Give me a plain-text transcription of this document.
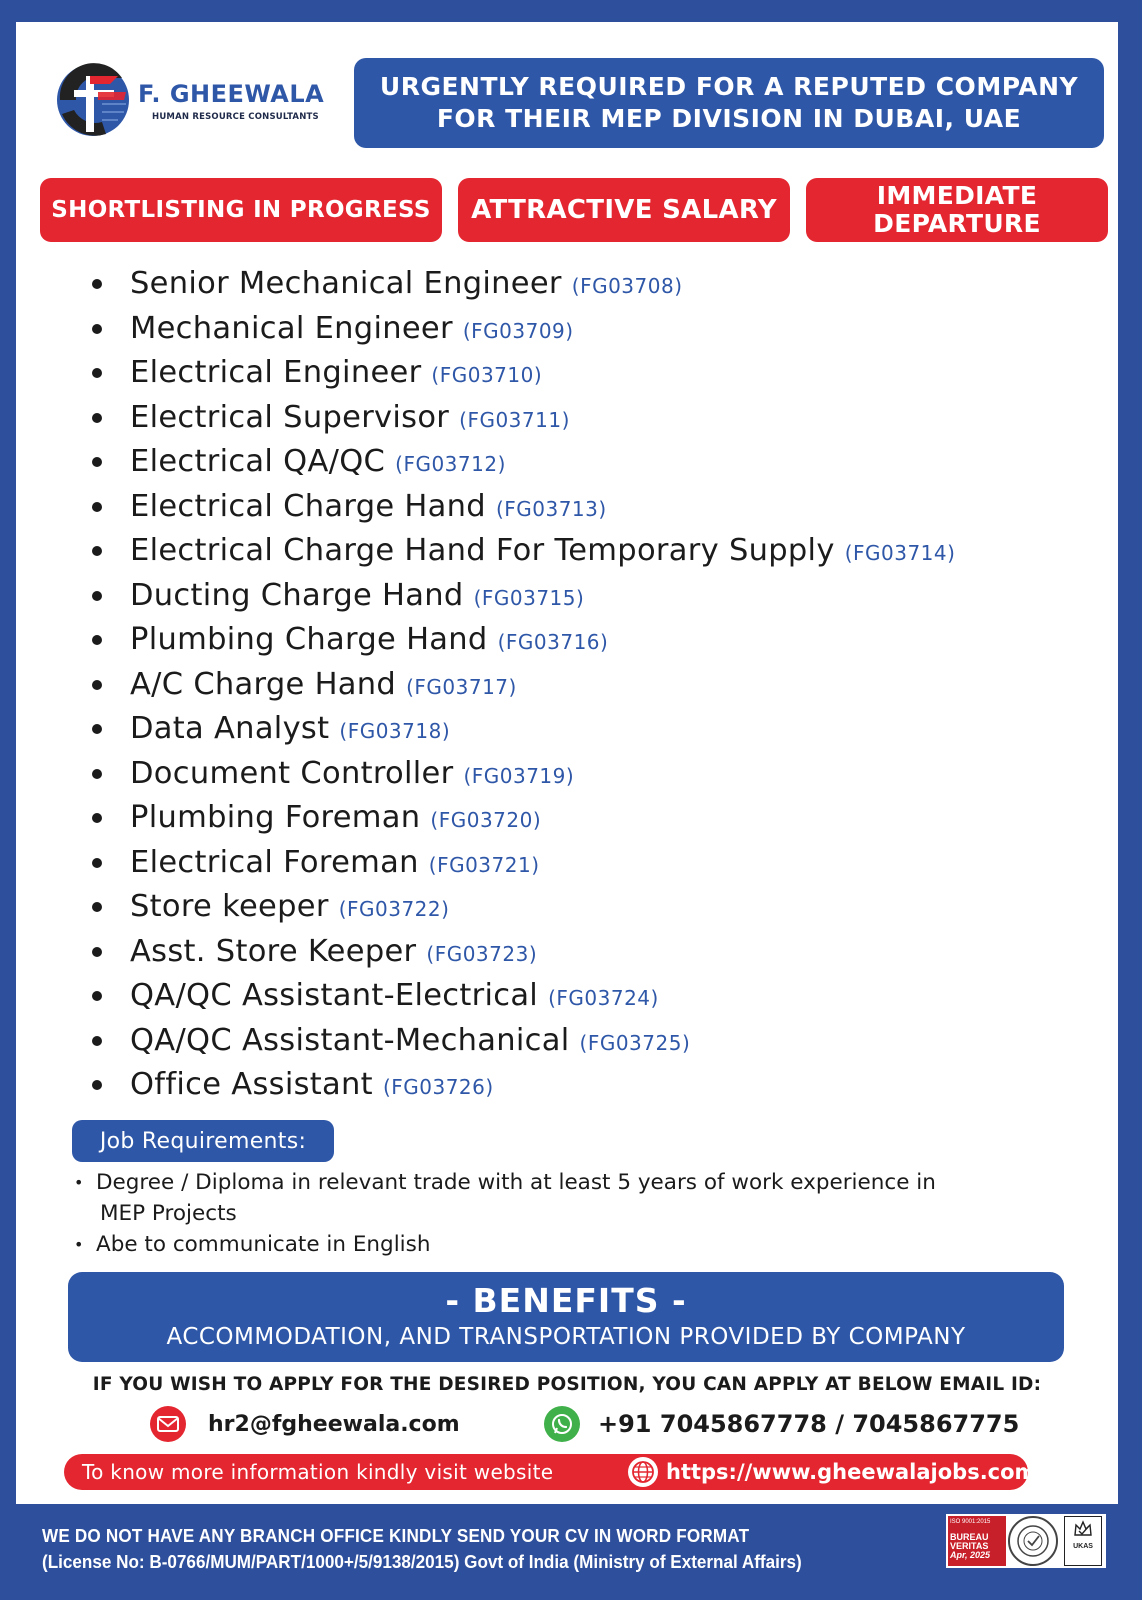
F. GHEEWALA
HUMAN RESOURCE CONSULTANTS
URGENTLY REQUIRED FOR A REPUTED COMPANY
FOR THEIR MEP DIVISION IN DUBAI, UAE
SHORTLISTING IN PROGRESS	ATTRACTIVE SALARY	IMMEDIATE
DEPARTURE
Senior Mechanical Engineer (FG03708)
Mechanical Engineer (FG03709)
Electrical Engineer (FG03710)
Electrical Supervisor (FG03711)
Electrical QA/QC (FG03712)
Electrical Charge Hand (FG03713)
Electrical Charge Hand For Temporary Supply (FG03714)
Ducting Charge Hand (FG03715)
Plumbing Charge Hand (FG03716)
A/C Charge Hand (FG03717)
Data Analyst (FG03718)
Document Controller (FG03719)
Plumbing Foreman (FG03720)
Electrical Foreman (FG03721)
Store keeper (FG03722)
Asst. Store Keeper (FG03723)
QA/QC Assistant-Electrical (FG03724)
QA/QC Assistant-Mechanical (FG03725)
Office Assistant (FG03726)
Job Requirements:
• Degree / Diploma in relevant trade with at least 5 years of work experience in
MEP Projects
• Abe to communicate in English
- BENEFITS -
ACCOMMODATION, AND TRANSPORTATION PROVIDED BY COMPANY
IF YOU WISH TO APPLY FOR THE DESIRED POSITION, YOU CAN APPLY AT BELOW EMAIL ID:
hr2@fgheewala.com	+91 7045867778 / 7045867775
To know more information kindly visit website	https://www.gheewalajobs.com/
WE DO NOT HAVE ANY BRANCH OFFICE KINDLY SEND YOUR CV IN WORD FORMAT
(License No: B-0766/MUM/PART/1000+/5/9138/2015) Govt of India (Ministry of External Affairs)
ISO 9001:2015
BUREAU VERITAS
Apr, 2025
UKAS
